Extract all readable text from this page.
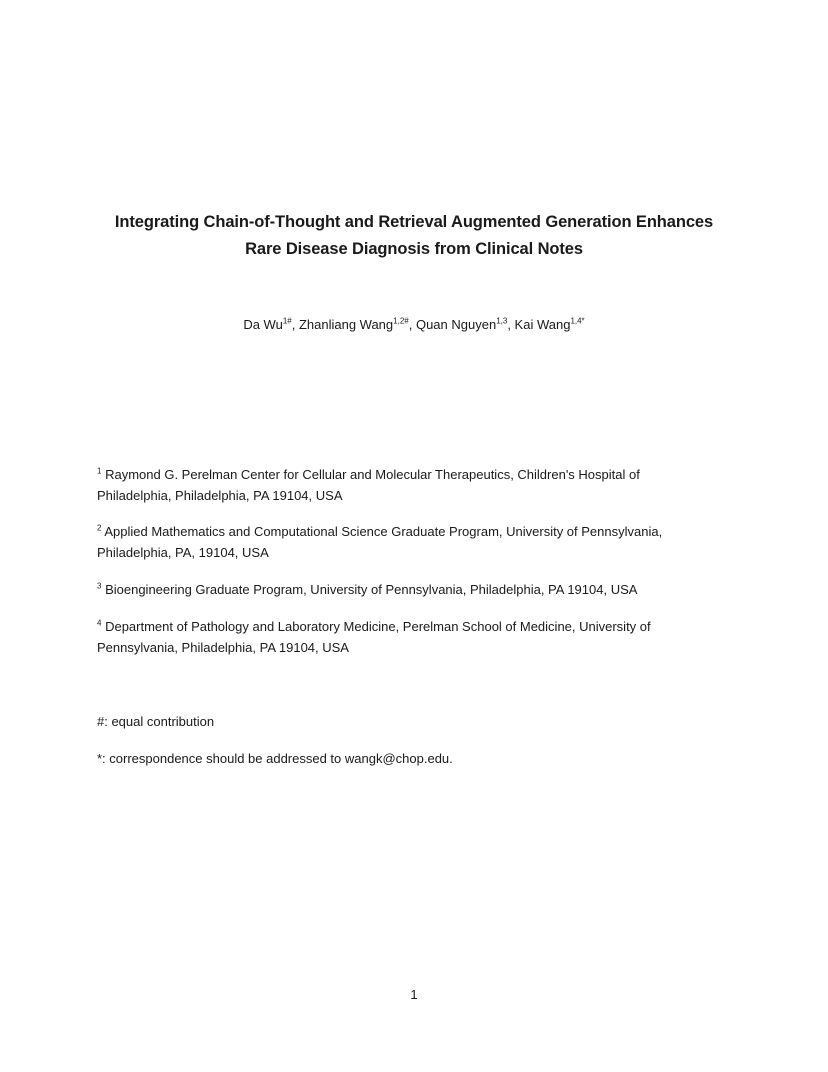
Integrating Chain-of-Thought and Retrieval Augmented Generation Enhances
Rare Disease Diagnosis from Clinical Notes
Da $Wu^{1\#}$, Zhanliang Wang$^{1,2\#}$, Quan Nguyen$^{1,3}$, Kai Wang$^{1,4*}$
$^1$ Raymond G. Perelman Center for Cellular and Molecular Therapeutics, Children's Hospital of Philadelphia, Philadelphia, PA 19104, USA
$^2$ Applied Mathematics and Computational Science Graduate Program, University of Pennsylvania, Philadelphia, PA, 19104, USA
$^3$ Bioengineering Graduate Program, University of Pennsylvania, Philadelphia, PA 19104, USA
$^4$ Department of Pathology and Laboratory Medicine, Perelman School of Medicine, University of Pennsylvania, Philadelphia, PA 19104, USA
#: equal contribution
*: correspondence should be addressed to wangk@chop.edu.
1
